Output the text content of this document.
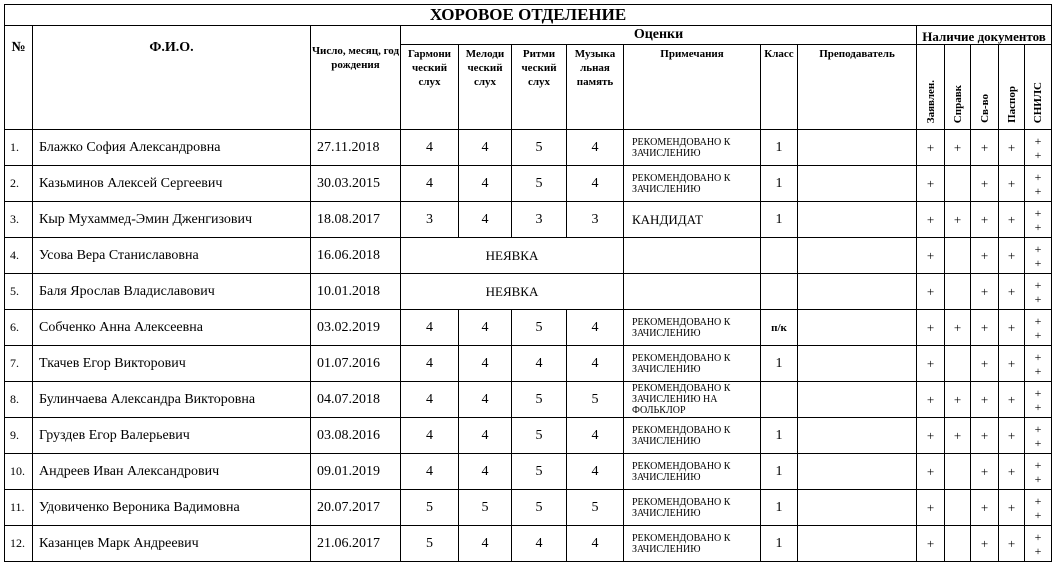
ХОРОВОЕ ОТДЕЛЕНИЕ														
№	Ф.И.О.	Число, месяц, год рождения	Оценки							Наличие документов				
			Гармони ческий слух	Мелоди ческий слух	Ритми ческий слух	Музыка льная память	Примечания	Класс	Преподаватель	Заявлен.	Справк	Св-во	Паспор	СНИЛС

1.	Блажко София Александровна	27.11.2018	4	4	5	4	РЕКОМЕНДОВАНО К ЗАЧИСЛЕНИЮ	1		+	+	+	+	+
+

2.	Казьминов Алексей Сергеевич	30.03.2015	4	4	5	4	РЕКОМЕНДОВАНО К ЗАЧИСЛЕНИЮ	1		+		+	+	+
+

3.	Кыр Мухаммед-Эмин Дженгизович	18.08.2017	3	4	3	3	КАНДИДАТ	1		+	+	+	+	+
+

4.	Усова Вера Станиславовна	16.06.2018	НЕЯВКА							+		+	+	+
+

5.	Баля Ярослав Владиславович	10.01.2018	НЕЯВКА							+		+	+	+
+

6.	Собченко Анна Алексеевна	03.02.2019	4	4	5	4	РЕКОМЕНДОВАНО К ЗАЧИСЛЕНИЮ	п/к		+	+	+	+	+
+

7.	Ткачев Егор Викторович	01.07.2016	4	4	4	4	РЕКОМЕНДОВАНО К ЗАЧИСЛЕНИЮ	1		+		+	+	+
+

8.	Булинчаева Александра Викторовна	04.07.2018	4	4	5	5	РЕКОМЕНДОВАНО К ЗАЧИСЛЕНИЮ НА ФОЛЬКЛОР			+	+	+	+	+
+

9.	Груздев Егор Валерьевич	03.08.2016	4	4	5	4	РЕКОМЕНДОВАНО К ЗАЧИСЛЕНИЮ	1		+	+	+	+	+
+

10.	Андреев Иван Александрович	09.01.2019	4	4	5	4	РЕКОМЕНДОВАНО К ЗАЧИСЛЕНИЮ	1		+		+	+	+
+

11.	Удовиченко Вероника Вадимовна	20.07.2017	5	5	5	5	РЕКОМЕНДОВАНО К ЗАЧИСЛЕНИЮ	1		+		+	+	+
+

12.	Казанцев Марк Андреевич	21.06.2017	5	4	4	4	РЕКОМЕНДОВАНО К ЗАЧИСЛЕНИЮ	1		+		+	+	+
+
